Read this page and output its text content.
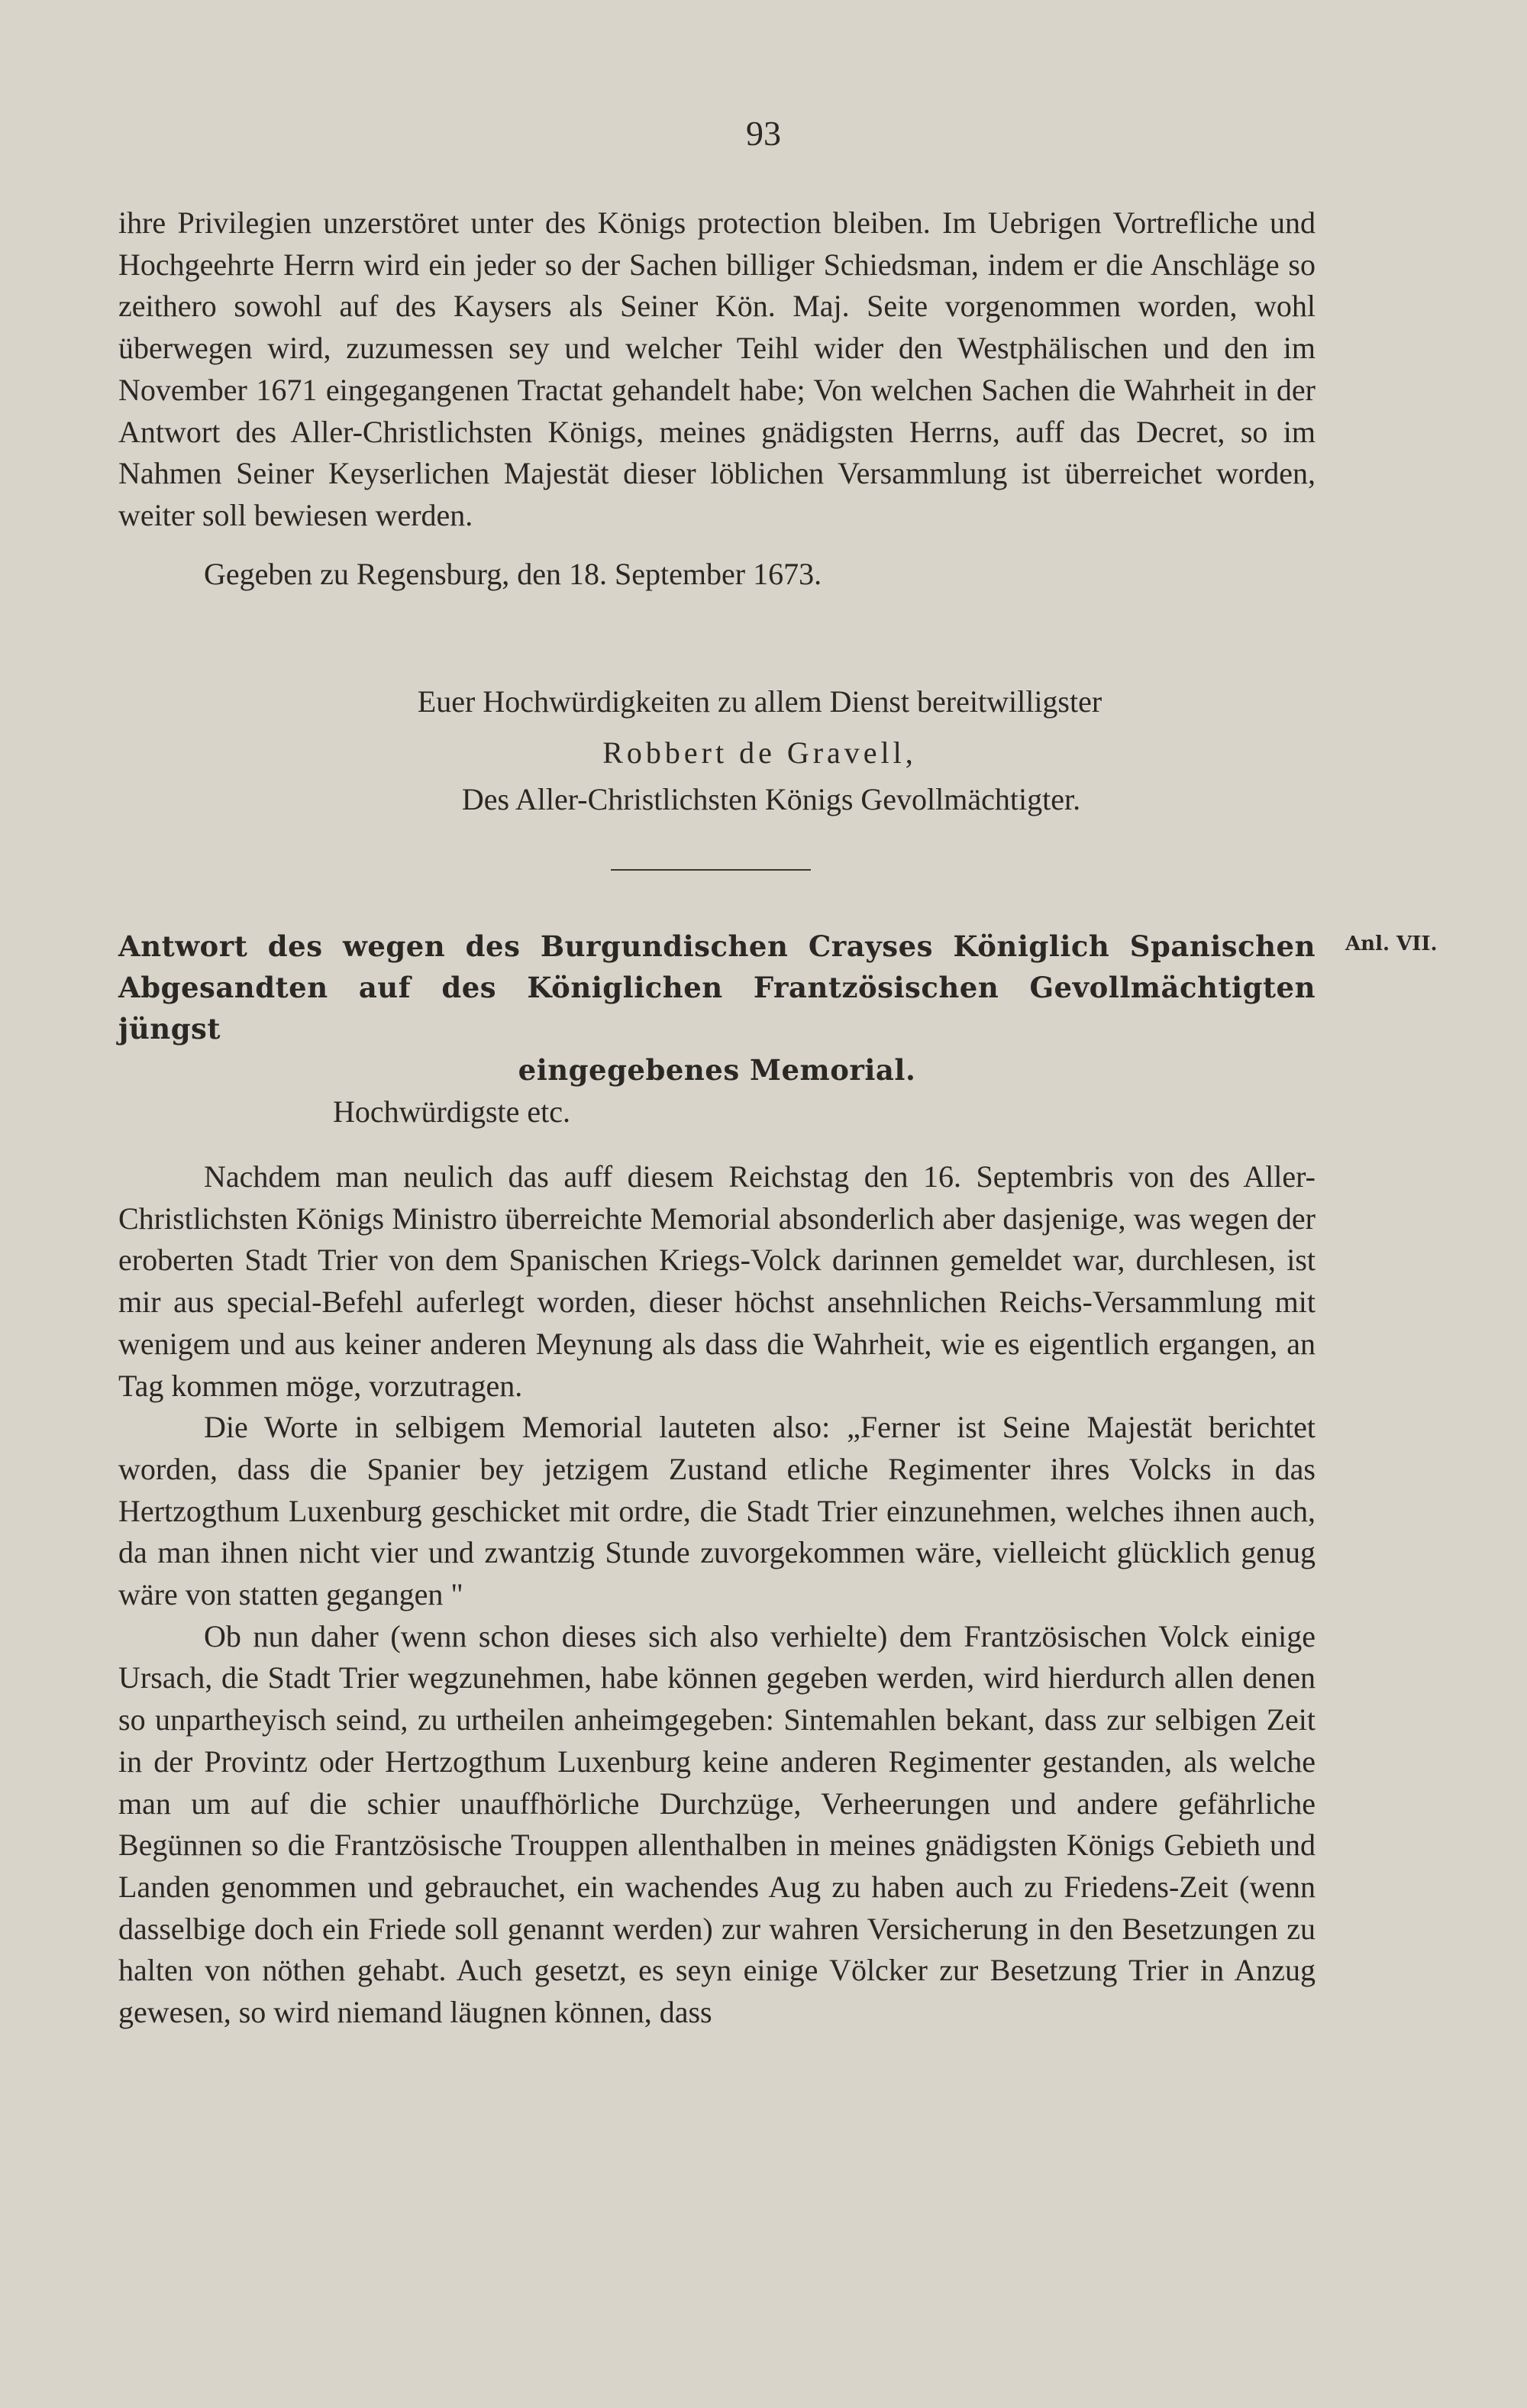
93

ihre Privilegien unzerstöret unter des Königs protection bleiben. Im Uebrigen Vortrefliche und Hochgeehrte Herrn wird ein jeder so der Sachen billiger Schiedsman, indem er die Anschläge so zeithero sowohl auf des Kaysers als Seiner Kön. Maj. Seite vorgenommen worden, wohl überwegen wird, zuzumessen sey und welcher Teihl wider den Westphälischen und den im November 1671 eingegangenen Tractat gehandelt habe; Von welchen Sachen die Wahrheit in der Antwort des Aller-Christlichsten Königs, meines gnädigsten Herrns, auff das Decret, so im Nahmen Seiner Keyserlichen Majestät dieser löblichen Versammlung ist überreichet worden, weiter soll bewiesen werden.

Gegeben zu Regensburg, den 18. September 1673.

Euer Hochwürdigkeiten zu allem Dienst bereitwilligster
Robbert de Gravell,
Des Aller-Christlichsten Königs Gevollmächtigter.
Antwort des wegen des Burgundischen Crayses Königlich Spanischen
Abgesandten auf des Königlichen Frantzösischen Gevollmächtigten jüngst
eingegebenes Memorial.
Anl. VII.
Hochwürdigste etc.

Nachdem man neulich das auff diesem Reichstag den 16. Septembris von des Aller-Christlichsten Königs Ministro überreichte Memorial absonderlich aber dasjenige, was wegen der eroberten Stadt Trier von dem Spanischen Kriegs-Volck darinnen gemeldet war, durchlesen, ist mir aus special-Befehl auferlegt worden, dieser höchst ansehnlichen Reichs-Versammlung mit wenigem und aus keiner anderen Meynung als dass die Wahrheit, wie es eigentlich ergangen, an Tag kommen möge, vorzutragen.

Die Worte in selbigem Memorial lauteten also: „Ferner ist Seine Majestät berichtet worden, dass die Spanier bey jetzigem Zustand etliche Regimenter ihres Volcks in das Hertzogthum Luxenburg geschicket mit ordre, die Stadt Trier einzunehmen, welches ihnen auch, da man ihnen nicht vier und zwantzig Stunde zuvorgekommen wäre, vielleicht glücklich genug wäre von statten gegangen "

Ob nun daher (wenn schon dieses sich also verhielte) dem Frantzösischen Volck einige Ursach, die Stadt Trier wegzunehmen, habe können gegeben werden, wird hierdurch allen denen so unpartheyisch seind, zu urtheilen anheimgegeben: Sintemahlen bekant, dass zur selbigen Zeit in der Provintz oder Hertzogthum Luxenburg keine anderen Regimenter gestanden, als welche man um auf die schier unauffhörliche Durchzüge, Verheerungen und andere gefährliche Begünnen so die Frantzösische Trouppen allenthalben in meines gnädigsten Königs Gebieth und Landen genommen und gebrauchet, ein wachendes Aug zu haben auch zu Friedens-Zeit (wenn dasselbige doch ein Friede soll genannt werden) zur wahren Versicherung in den Besetzungen zu halten von nöthen gehabt. Auch gesetzt, es seyn einige Völcker zur Besetzung Trier in Anzug gewesen, so wird niemand läugnen können, dass
